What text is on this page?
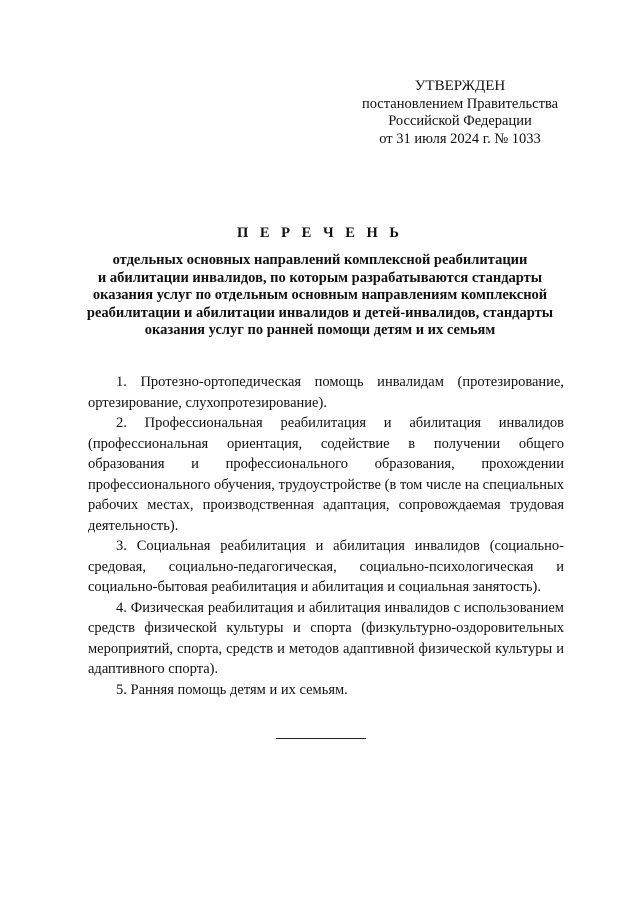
УТВЕРЖДЕН
постановлением Правительства
Российской Федерации
от 31 июля 2024 г. № 1033
П Е Р Е Ч Е Н Ь
отдельных основных направлений комплексной реабилитации
и абилитации инвалидов, по которым разрабатываются стандарты
оказания услуг по отдельным основным направлениям комплексной
реабилитации и абилитации инвалидов и детей-инвалидов, стандарты
оказания услуг по ранней помощи детям и их семьям

1. Протезно-ортопедическая помощь инвалидам (протезирование, ортезирование, слухопротезирование).

2. Профессиональная реабилитация и абилитация инвалидов (профессиональная ориентация, содействие в получении общего образования и профессионального образования, прохождении профессионального обучения, трудоустройстве (в том числе на специальных рабочих местах, производственная адаптация, сопровождаемая трудовая деятельность).

3. Социальная реабилитация и абилитация инвалидов (социально-средовая, социально-педагогическая, социально-психологическая и социально-бытовая реабилитация и абилитация и социальная занятость).

4. Физическая реабилитация и абилитация инвалидов с использованием средств физической культуры и спорта (физкультурно-оздоровительных мероприятий, спорта, средств и методов адаптивной физической культуры и адаптивного спорта).

5. Ранняя помощь детям и их семьям.
